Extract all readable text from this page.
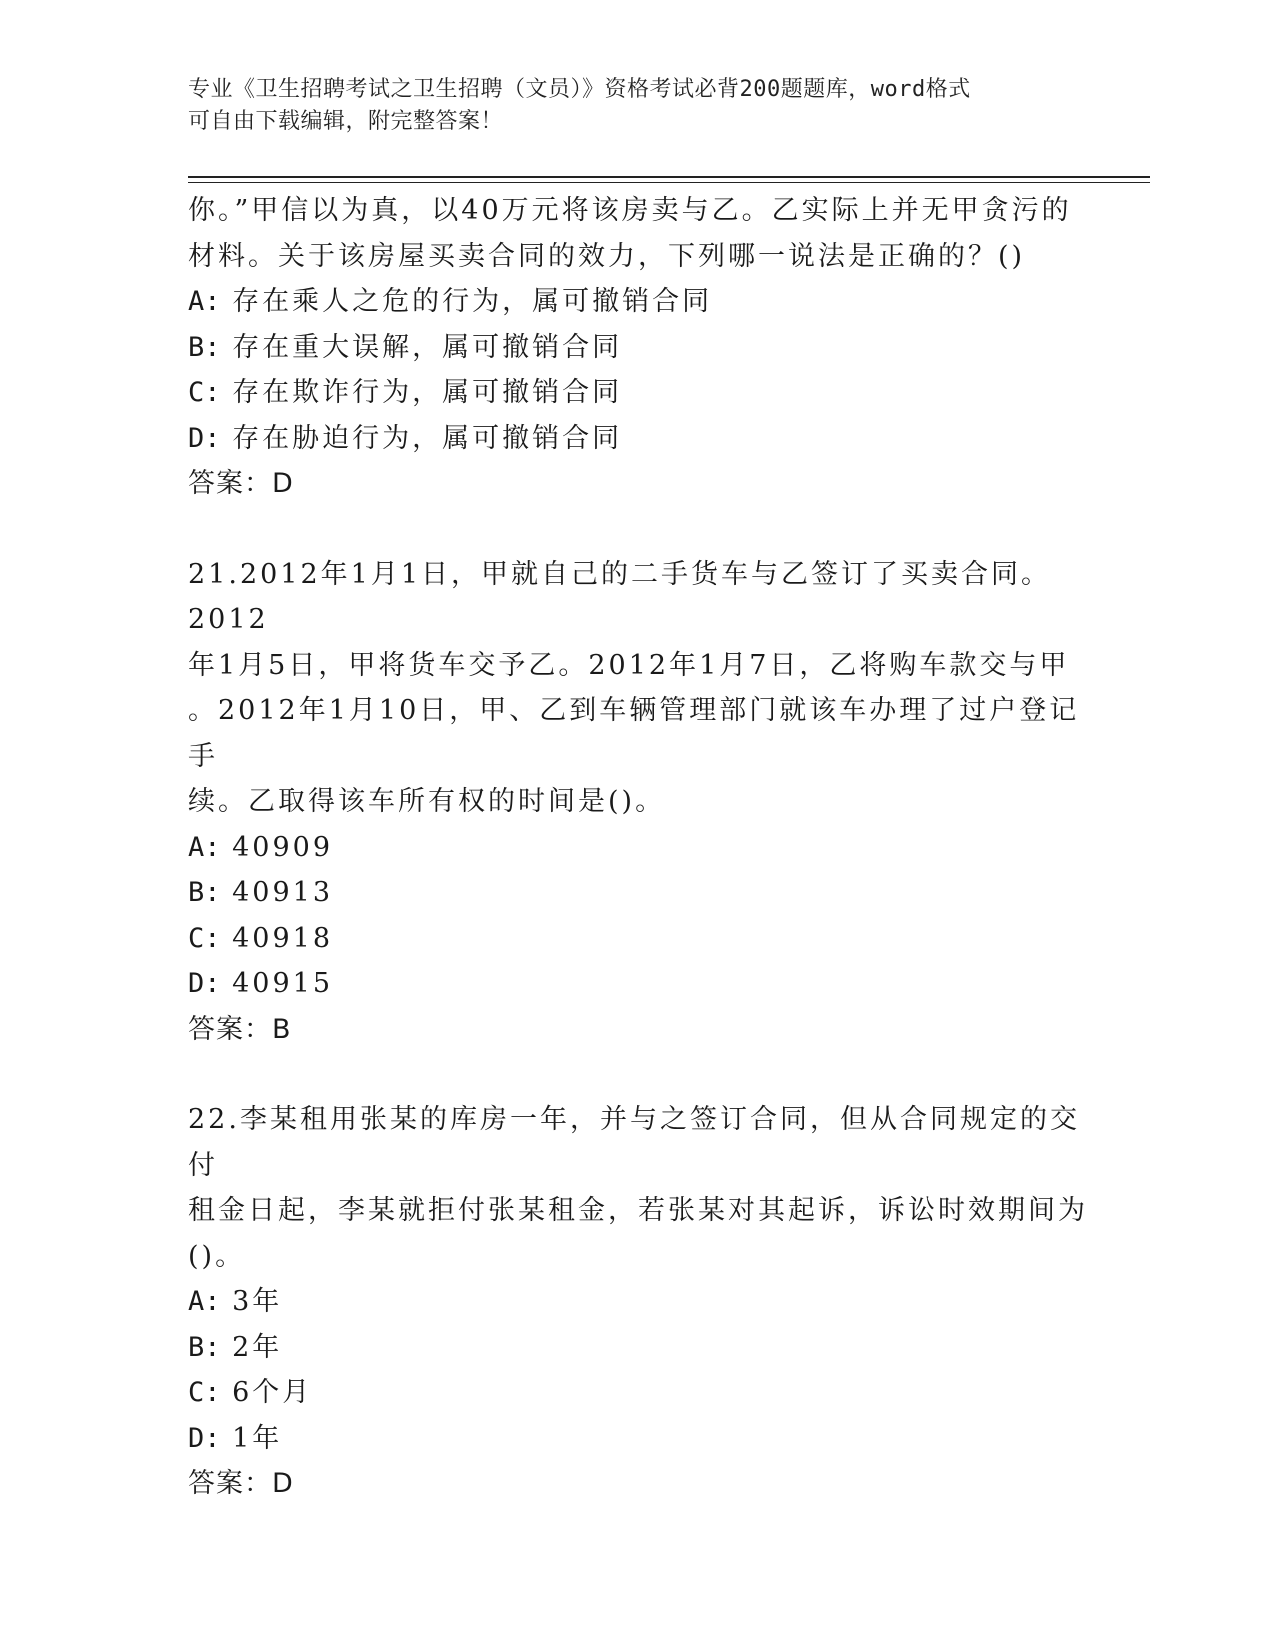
专业《卫生招聘考试之卫生招聘（文员）》资格考试必背200题题库，word格式
可自由下载编辑，附完整答案！

你。”甲信以为真，以40万元将该房卖与乙。乙实际上并无甲贪污的

材料。关于该房屋买卖合同的效力，下列哪一说法是正确的？()

A: 存在乘人之危的行为，属可撤销合同

B: 存在重大误解，属可撤销合同

C: 存在欺诈行为，属可撤销合同

D: 存在胁迫行为，属可撤销合同

答案：D

21.2012年1月1日，甲就自己的二手货车与乙签订了买卖合同。2012

年1月5日，甲将货车交予乙。2012年1月7日，乙将购车款交与甲

。2012年1月10日，甲、乙到车辆管理部门就该车办理了过户登记手

续。乙取得该车所有权的时间是()。

A: 40909

B: 40913

C: 40918

D: 40915

答案：B

22.李某租用张某的库房一年，并与之签订合同，但从合同规定的交付

租金日起，李某就拒付张某租金，若张某对其起诉，诉讼时效期间为

()。

A: 3年

B: 2年

C: 6个月

D: 1年

答案：D
